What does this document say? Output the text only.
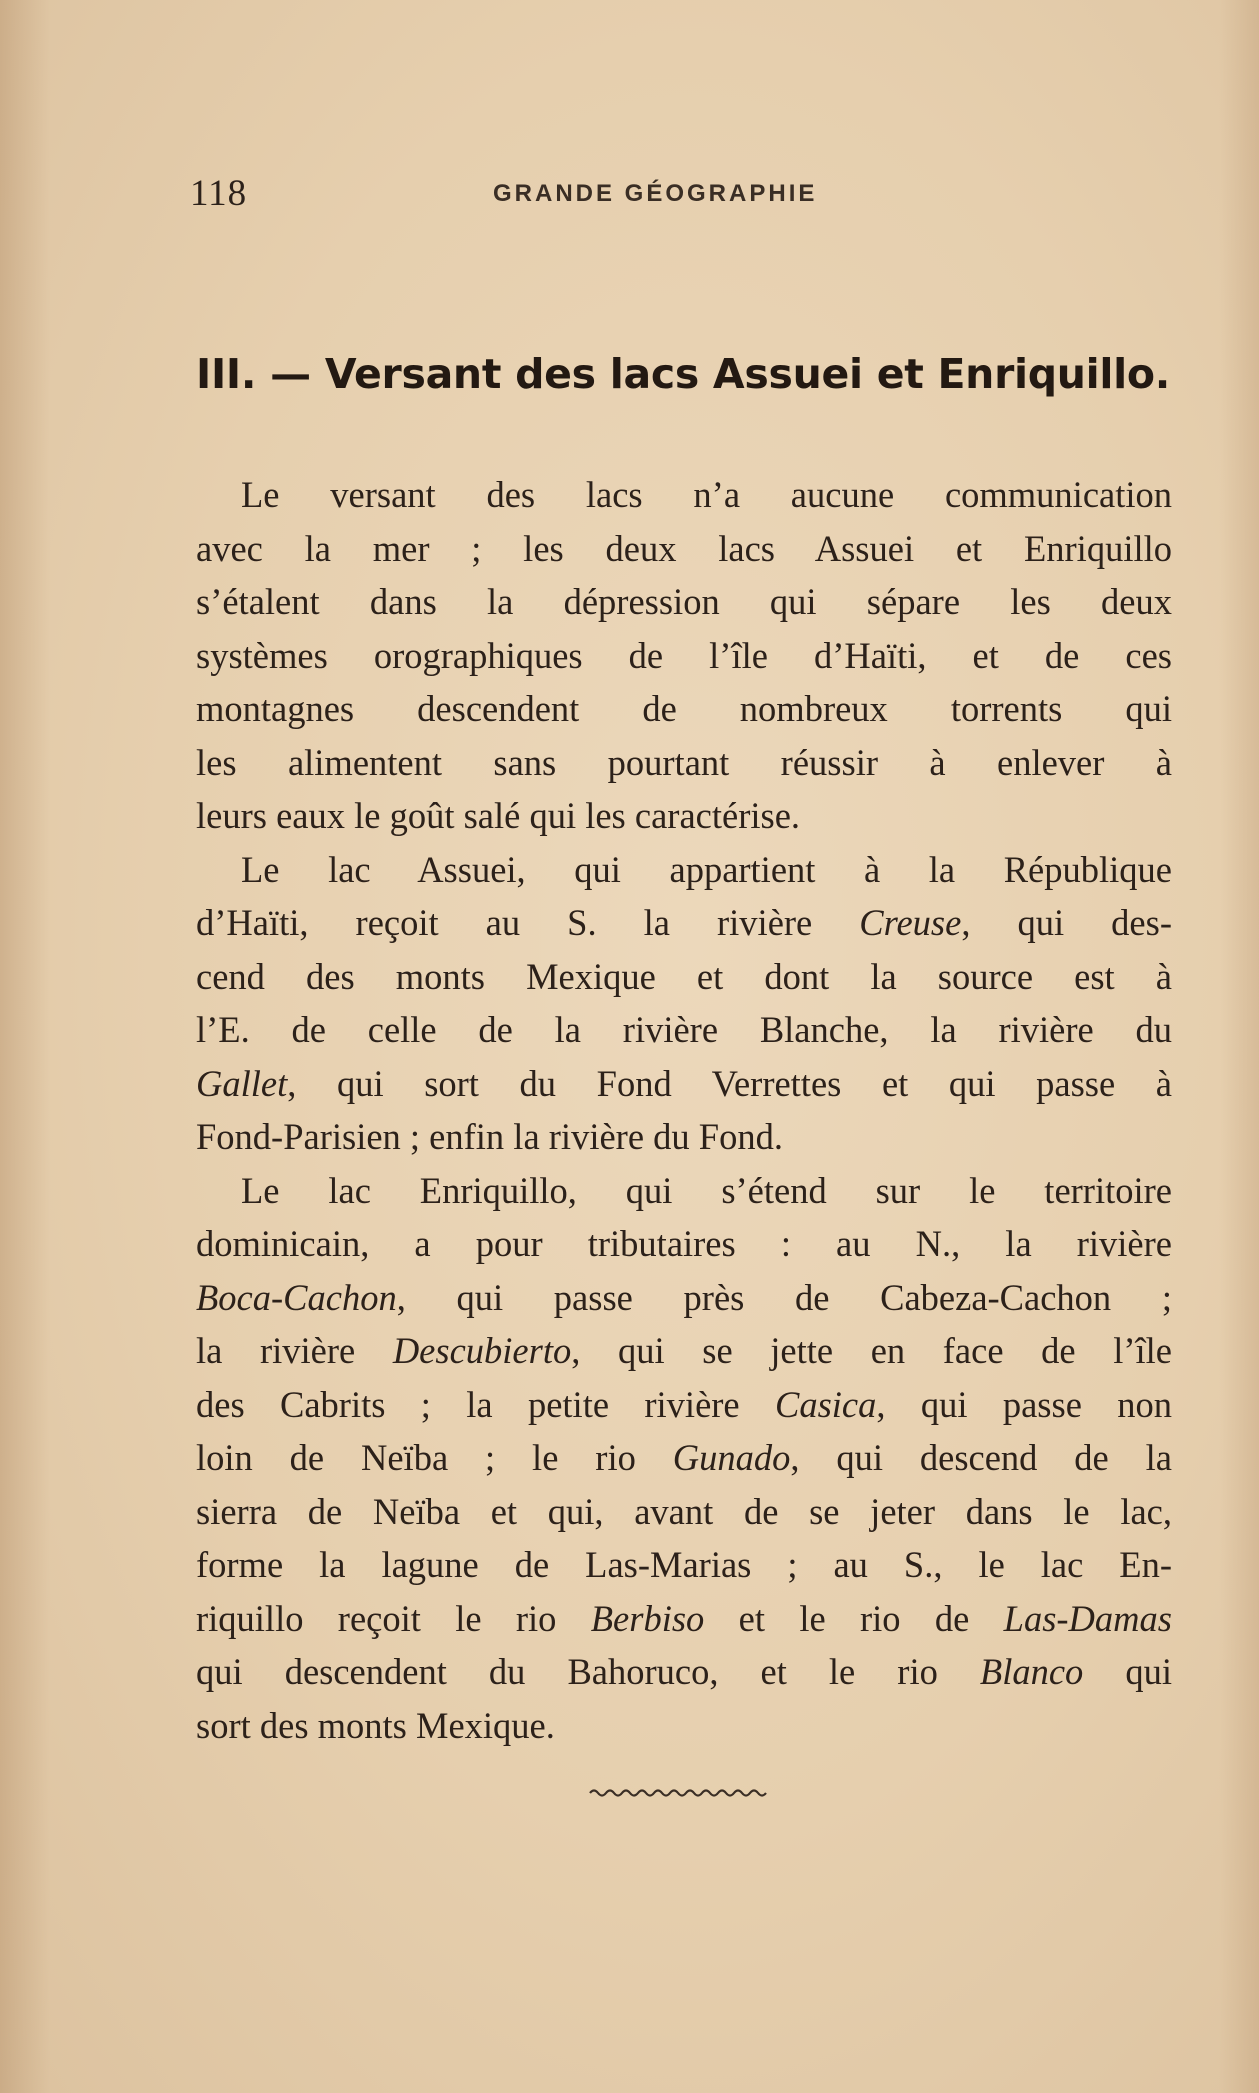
118	GRANDE GÉOGRAPHIE
III. — Versant des lacs Assuei et Enriquillo.
Le versant des lacs n’a aucune communication
avec la mer ; les deux lacs Assuei et Enriquillo
s’étalent dans la dépression qui sépare les deux
systèmes orographiques de l’île d’Haïti, et de ces
montagnes descendent de nombreux torrents qui
les alimentent sans pourtant réussir à enlever à
leurs eaux le goût salé qui les caractérise.
Le lac Assuei, qui appartient à la République
d’Haïti, reçoit au S. la rivière Creuse, qui des-
cend des monts Mexique et dont la source est à
l’E. de celle de la rivière Blanche, la rivière du
Gallet, qui sort du Fond Verrettes et qui passe à
Fond-Parisien ; enfin la rivière du Fond.
Le lac Enriquillo, qui s’étend sur le territoire
dominicain, a pour tributaires : au N., la rivière
Boca-Cachon, qui passe près de Cabeza-Cachon ;
la rivière Descubierto, qui se jette en face de l’île
des Cabrits ; la petite rivière Casica, qui passe non
loin de Neïba ; le rio Gunado, qui descend de la
sierra de Neïba et qui, avant de se jeter dans le lac,
forme la lagune de Las-Marias ; au S., le lac En-
riquillo reçoit le rio Berbiso et le rio de Las-Damas
qui descendent du Bahoruco, et le rio Blanco qui
sort des monts Mexique.
